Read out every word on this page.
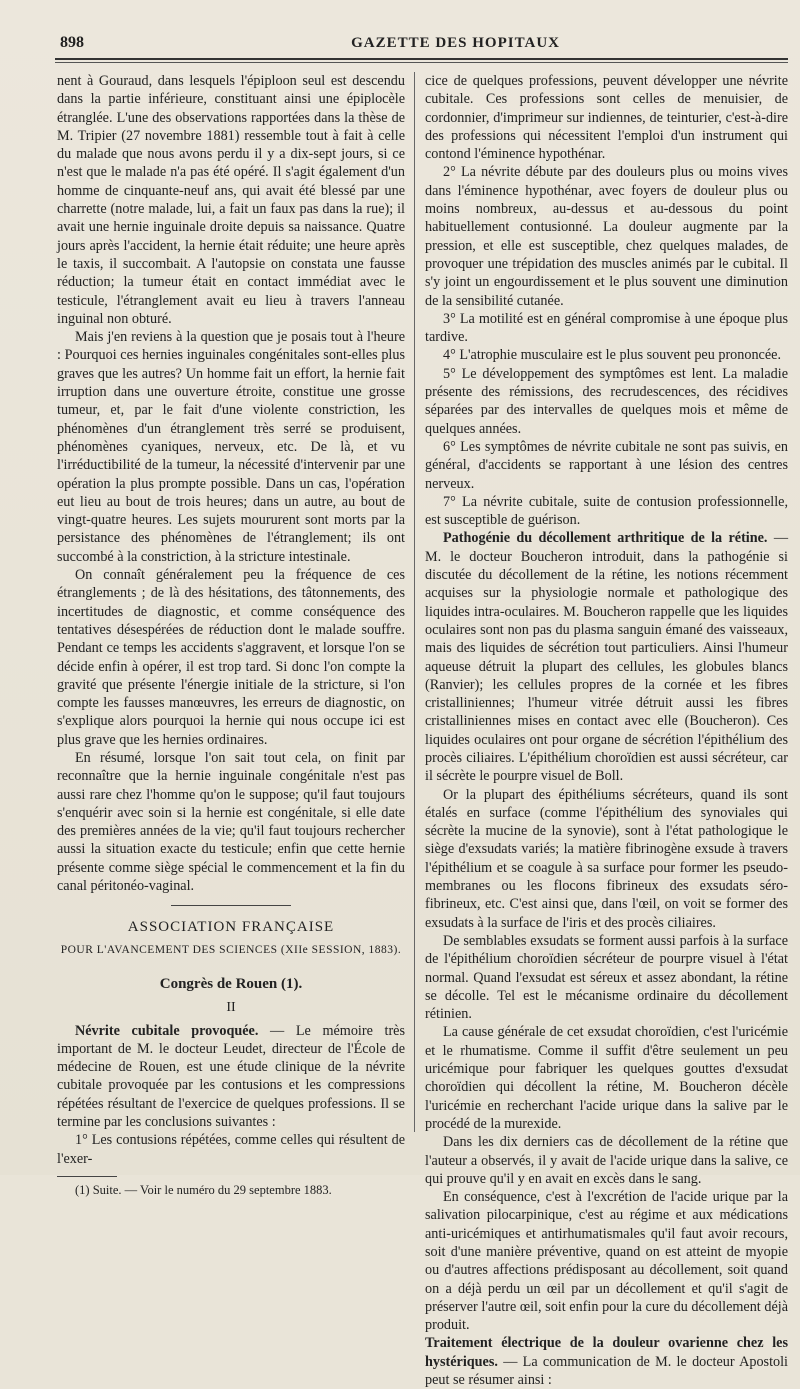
898	GAZETTE DES HOPITAUX

nent à Gouraud, dans lesquels l'épiploon seul est descendu dans la partie inférieure, constituant ainsi une épiplocèle étranglée. L'une des observations rapportées dans la thèse de M. Tripier (27 novembre 1881) ressemble tout à fait à celle du malade que nous avons perdu il y a dix-sept jours, si ce n'est que le malade n'a pas été opéré. Il s'agit également d'un homme de cinquante-neuf ans, qui avait été blessé par une charrette (notre malade, lui, a fait un faux pas dans la rue); il avait une hernie inguinale droite depuis sa naissance. Quatre jours après l'accident, la hernie était réduite; une heure après le taxis, il succombait. A l'autopsie on constata une fausse réduction; la tumeur était en contact immédiat avec le testicule, l'étranglement avait eu lieu à travers l'anneau inguinal non obturé.

Mais j'en reviens à la question que je posais tout à l'heure : Pourquoi ces hernies inguinales congénitales sont-elles plus graves que les autres? Un homme fait un effort, la hernie fait irruption dans une ouverture étroite, constitue une grosse tumeur, et, par le fait d'une violente constriction, les phénomènes d'un étranglement très serré se produisent, phénomènes cyaniques, nerveux, etc. De là, et vu l'irréductibilité de la tumeur, la nécessité d'intervenir par une opération la plus prompte possible. Dans un cas, l'opération eut lieu au bout de trois heures; dans un autre, au bout de vingt-quatre heures. Les sujets moururent sont morts par la persistance des phénomènes de l'étranglement; ils ont succombé à la constriction, à la stricture intestinale.

On connaît généralement peu la fréquence de ces étranglements ; de là des hésitations, des tâtonnements, des incertitudes de diagnostic, et comme conséquence des tentatives désespérées de réduction dont le malade souffre. Pendant ce temps les accidents s'aggravent, et lorsque l'on se décide enfin à opérer, il est trop tard. Si donc l'on compte la gravité que présente l'énergie initiale de la stricture, si l'on compte les fausses manœuvres, les erreurs de diagnostic, on s'explique alors pourquoi la hernie qui nous occupe ici est plus grave que les hernies ordinaires.

En résumé, lorsque l'on sait tout cela, on finit par reconnaître que la hernie inguinale congénitale n'est pas aussi rare chez l'homme qu'on le suppose; qu'il faut toujours s'enquérir avec soin si la hernie est congénitale, si elle date des premières années de la vie; qu'il faut toujours rechercher aussi la situation exacte du testicule; enfin que cette hernie présente comme siège spécial le commencement et la fin du canal péritonéo-vaginal.

ASSOCIATION FRANÇAISE
POUR L'AVANCEMENT DES SCIENCES (XIIe SESSION, 1883).
Congrès de Rouen (1).
II

Névrite cubitale provoquée. — Le mémoire très important de M. le docteur Leudet, directeur de l'École de médecine de Rouen, est une étude clinique de la névrite cubitale provoquée par les contusions et les compressions répétées résultant de l'exercice de quelques professions. Il se termine par les conclusions suivantes :

1° Les contusions répétées, comme celles qui résultent de l'exer-

(1) Suite. — Voir le numéro du 29 septembre 1883.

cice de quelques professions, peuvent développer une névrite cubitale. Ces professions sont celles de menuisier, de cordonnier, d'imprimeur sur indiennes, de teinturier, c'est-à-dire des professions qui nécessitent l'emploi d'un instrument qui contond l'éminence hypothénar.

2° La névrite débute par des douleurs plus ou moins vives dans l'éminence hypothénar, avec foyers de douleur plus ou moins nombreux, au-dessus et au-dessous du point habituellement contusionné. La douleur augmente par la pression, et elle est susceptible, chez quelques malades, de provoquer une trépidation des muscles animés par le cubital. Il s'y joint un engourdissement et le plus souvent une diminution de la sensibilité cutanée.

3° La motilité est en général compromise à une époque plus tardive.

4° L'atrophie musculaire est le plus souvent peu prononcée.

5° Le développement des symptômes est lent. La maladie présente des rémissions, des recrudescences, des récidives séparées par des intervalles de quelques mois et même de quelques années.

6° Les symptômes de névrite cubitale ne sont pas suivis, en général, d'accidents se rapportant à une lésion des centres nerveux.

7° La névrite cubitale, suite de contusion professionnelle, est susceptible de guérison.

Pathogénie du décollement arthritique de la rétine. — M. le docteur Boucheron introduit, dans la pathogénie si discutée du décollement de la rétine, les notions récemment acquises sur la physiologie normale et pathologique des liquides intra-oculaires. M. Boucheron rappelle que les liquides oculaires sont non pas du plasma sanguin émané des vaisseaux, mais des liquides de sécrétion tout particuliers. Ainsi l'humeur aqueuse détruit la plupart des cellules, les globules blancs (Ranvier); les cellules propres de la cornée et les fibres cristalliniennes; l'humeur vitrée détruit aussi les fibres cristalliniennes mises en contact avec elle (Boucheron). Ces liquides oculaires ont pour organe de sécrétion l'épithélium des procès ciliaires. L'épithélium choroïdien est aussi sécréteur, car il sécrète le pourpre visuel de Boll.

Or la plupart des épithéliums sécréteurs, quand ils sont étalés en surface (comme l'épithélium des synoviales qui sécrète la mucine de la synovie), sont à l'état pathologique le siège d'exsudats variés; la matière fibrinogène exsude à travers l'épithélium et se coagule à sa surface pour former les pseudo-membranes ou les flocons fibrineux des exsudats séro-fibrineux, etc. C'est ainsi que, dans l'œil, on voit se former des exsudats à la surface de l'iris et des procès ciliaires.

De semblables exsudats se forment aussi parfois à la surface de l'épithélium choroïdien sécréteur de pourpre visuel à l'état normal. Quand l'exsudat est séreux et assez abondant, la rétine se décolle. Tel est le mécanisme ordinaire du décollement rétinien.

La cause générale de cet exsudat choroïdien, c'est l'uricémie et le rhumatisme. Comme il suffit d'être seulement un peu uricémique pour fabriquer les quelques gouttes d'exsudat choroïdien qui décollent la rétine, M. Boucheron décèle l'uricémie en recherchant l'acide urique dans la salive par le procédé de la murexide.

Dans les dix derniers cas de décollement de la rétine que l'auteur a observés, il y avait de l'acide urique dans la salive, ce qui prouve qu'il y en avait en excès dans le sang.

En conséquence, c'est à l'excrétion de l'acide urique par la salivation pilocarpinique, c'est au régime et aux médications anti-uricémiques et antirhumatismales qu'il faut avoir recours, soit d'une manière préventive, quand on est atteint de myopie ou d'autres affections prédisposant au décollement, soit quand on a déjà perdu un œil par un décollement et qu'il s'agit de préserver l'autre œil, soit enfin pour la cure du décollement déjà produit.

Traitement électrique de la douleur ovarienne chez les hystériques. — La communication de M. le docteur Apostoli peut se résumer ainsi :
